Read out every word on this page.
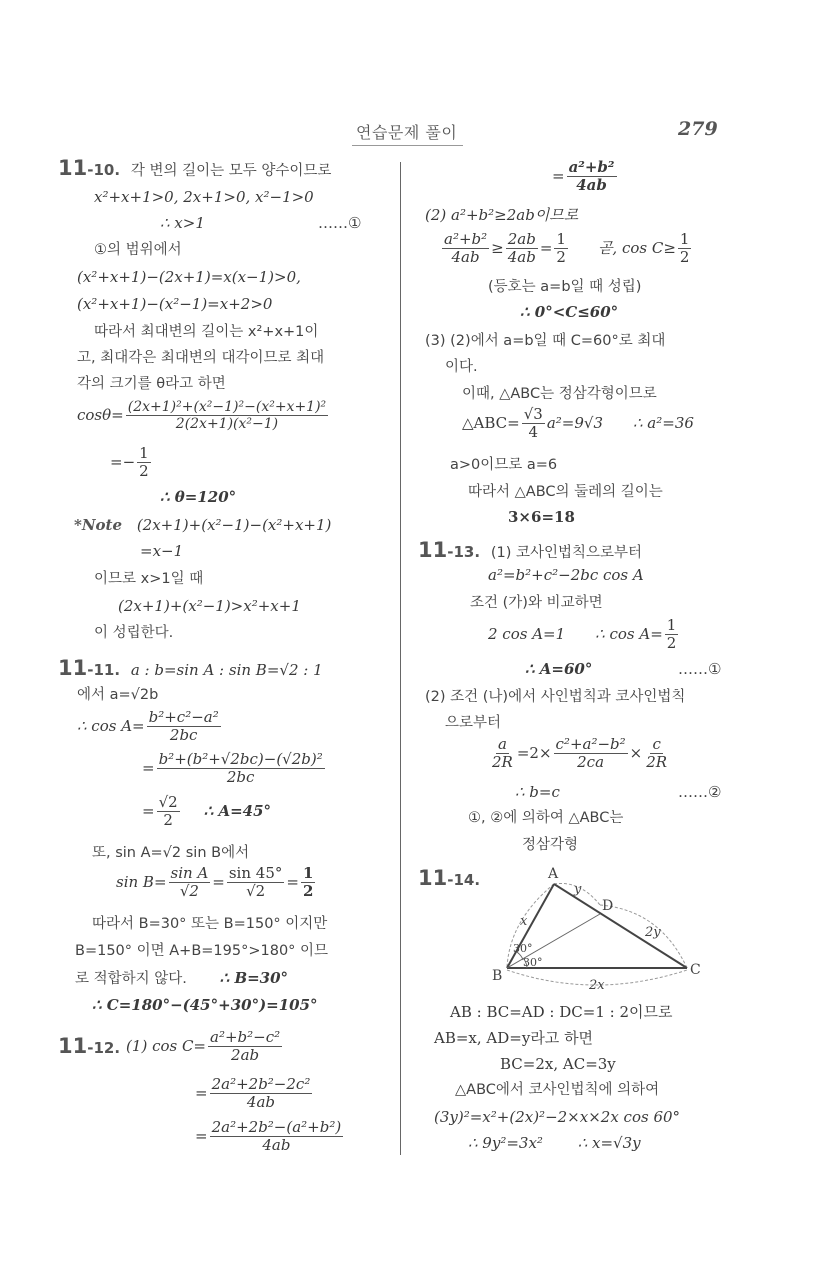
연습문제 풀이	279
11-10. 각 변의 길이는 모두 양수이므로
x²+x+1>0, 2x+1>0, x²−1>0
∴ x>1	……①
①의 범위에서
(x²+x+1)−(2x+1)=x(x−1)>0,
(x²+x+1)−(x²−1)=x+2>0
따라서 최대변의 길이는 x²+x+1이
고, 최대각은 최대변의 대각이므로 최대
각의 크기를 θ라고 하면
$\cos\theta= \frac{\text{(2x+1)²+(x²−1)²−(x²+x+1)²}}{\text{2(2x+1)(x²−1)}}$
=− $\frac{1}{2}$
∴ θ=120°
*Note (2x+1)+(x²−1)−(x²+x+1)
=x−1
이므로 x>1일 때
(2x+1)+(x²−1)>x²+x+1
이 성립한다.
11-11. a : b=sin A : sin B=√2 : 1
에서 a=√2b
∴ $\cos A= \frac{\text{b²+c²−a²}}{2bc}$
= $\frac{\text{b²+(b²+√2bc)−(√2b)²}}{2bc}$
= $\frac{√2}{2}$ ∴ A=45°
또, sin A=√2 sin B에서
$\sin B= \frac{\text{sin A}}{√2} = \frac{\sin 45^\circ}{√2} = \frac{1}{2}$
따라서 B=30° 또는 B=150° 이지만
B=150° 이면 A+B=195°>180° 이므
로 적합하지 않다. ∴ B=30°
∴ C=180°−(45°+30°)=105°
11-12. (1) $\cos C= \frac{\text{a²+b²−c²}}{2ab}$
= $\frac{\text{2a²+2b²−2c²}}{4ab}$
= $\frac{\text{2a²+2b²−(a²+b²)}}{4ab}$
= $\frac{\text{a²+b²}}{4ab}$
(2) a²+b²≥2ab이므로
$\frac{\text{a²+b²}}{4ab} \ge \frac{2ab}{4ab} = \frac{1}{2}$ 곧, $\cos C\ge \frac{1}{2}$
(등호는 a=b일 때 성립)
∴ 0°<C≤60°
(3) (2)에서 a=b일 때 C=60°로 최대
이다.
이때, △ABC는 정삼각형이므로
△ABC= $\frac{√3}{4} a^2=9√3$ ∴ a²=36
a>0이므로 a=6
따라서 △ABC의 둘레의 길이는
3×6=18
11-13. (1) 코사인법칙으로부터
a²=b²+c²−2bc cos A
조건 (가)와 비교하면
2 cos A=1 ∴ $\cos A= \frac{1}{2}$
∴ A=60°	……①
(2) 조건 (나)에서 사인법칙과 코사인법칙
으로부터
$\frac{a}{2R} =2\times \frac{\text{c²+a²−b²}}{2ca} \times \frac{c}{2R}$
∴ b=c	……②
①, ②에 의하여 △ABC는
정삼각형
11-14.	A
B	C
D
x
y
2y
2x
30°
30°
AB : BC=AD : DC=1 : 2이므로
AB=x, AD=y라고 하면
BC=2x, AC=3y
△ABC에서 코사인법칙에 의하여
(3y)²=x²+(2x)²−2×x×2x cos 60°
∴ 9y²=3x² ∴ x=√3y
